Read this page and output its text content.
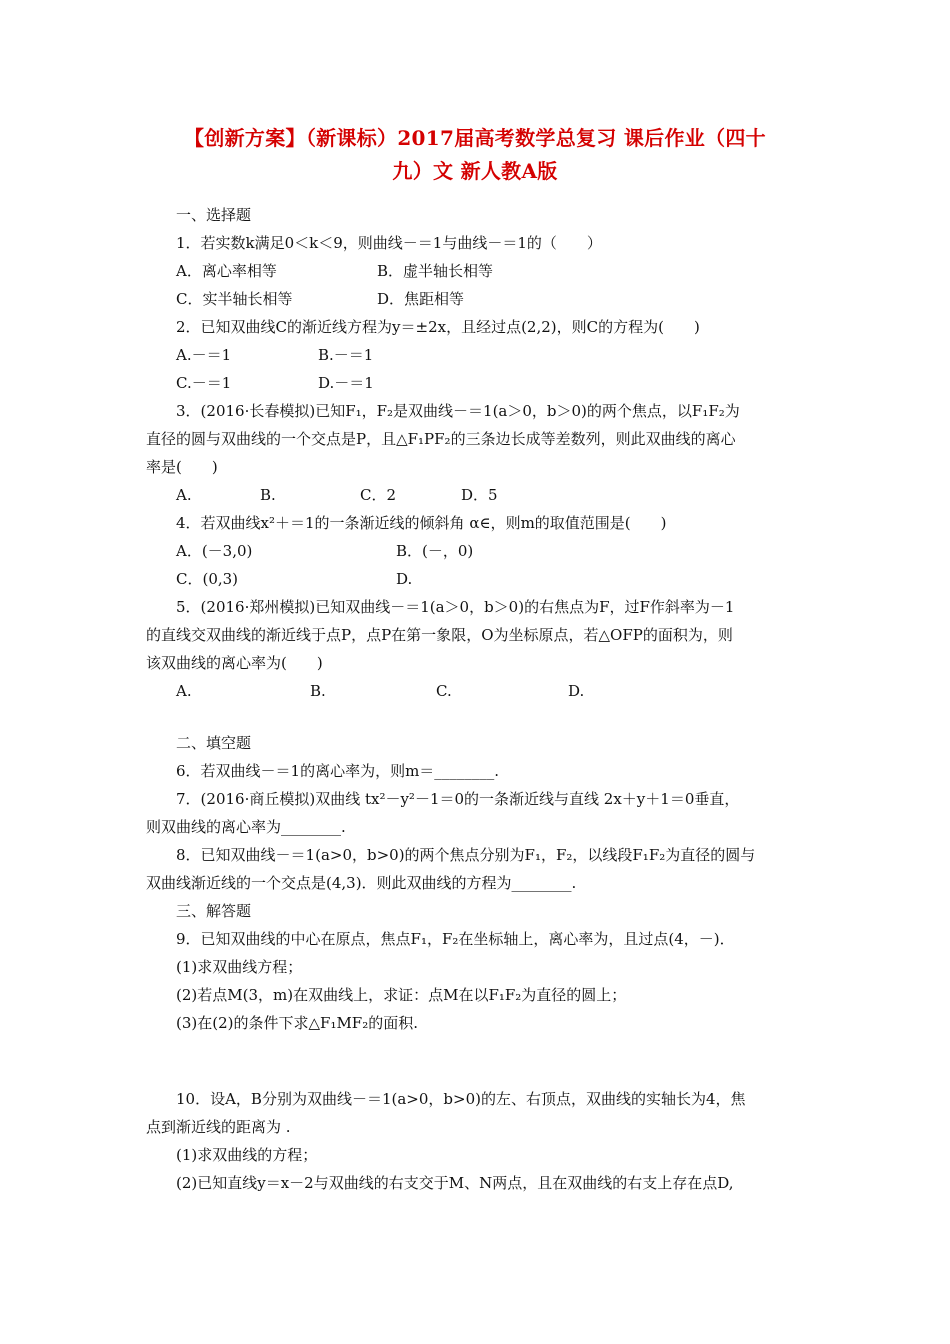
【创新方案】（新课标）2017届高考数学总复习 课后作业（四十
九）文 新人教A版
一、选择题
1．若实数k满足0＜k＜9，则曲线－＝1与曲线－＝1的（　　）
A．离心率相等	B．虚半轴长相等
C．实半轴长相等	D．焦距相等
2．已知双曲线C的渐近线方程为y＝±2x，且经过点(2,2)，则C的方程为(　　)
A.－＝1	B.－＝1
C.－＝1	D.－＝1
3．(2016·长春模拟)已知F₁，F₂是双曲线－＝1(a＞0，b＞0)的两个焦点，以F₁F₂为
直径的圆与双曲线的一个交点是P，且△F₁PF₂的三条边长成等差数列，则此双曲线的离心
率是(　　)
A.	B.	C．2	D．5
4．若双曲线x²＋＝1的一条渐近线的倾斜角 α∈，则m的取值范围是(　　)
A．(－3,0)	B．(－，0)
C．(0,3)	D.
5．(2016·郑州模拟)已知双曲线－＝1(a＞0，b＞0)的右焦点为F，过F作斜率为－1
的直线交双曲线的渐近线于点P，点P在第一象限，O为坐标原点，若△OFP的面积为，则
该双曲线的离心率为(　　)
A.	B.	C.	D.
二、填空题
6．若双曲线－＝1的离心率为，则m＝________.
7．(2016·商丘模拟)双曲线 tx²－y²－1＝0的一条渐近线与直线 2x＋y＋1＝0垂直，
则双曲线的离心率为________.
8．已知双曲线－＝1(a>0，b>0)的两个焦点分别为F₁，F₂，以线段F₁F₂为直径的圆与
双曲线渐近线的一个交点是(4,3)．则此双曲线的方程为________.
三、解答题
9．已知双曲线的中心在原点，焦点F₁，F₂在坐标轴上，离心率为，且过点(4，－)．
(1)求双曲线方程；
(2)若点M(3，m)在双曲线上，求证：点M在以F₁F₂为直径的圆上；
(3)在(2)的条件下求△F₁MF₂的面积.
10．设A，B分别为双曲线－＝1(a>0，b>0)的左、右顶点，双曲线的实轴长为4，焦
点到渐近线的距离为 .
(1)求双曲线的方程；
(2)已知直线y＝x－2与双曲线的右支交于M、N两点，且在双曲线的右支上存在点D,
